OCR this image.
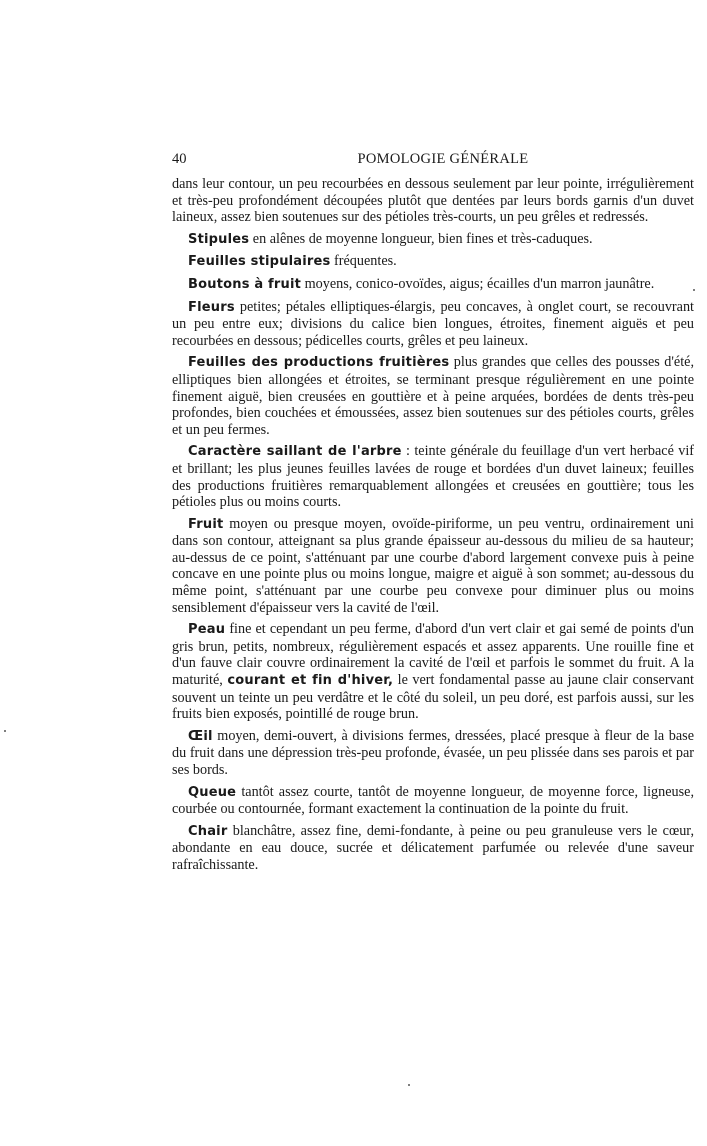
40	POMOLOGIE GÉNÉRALE

dans leur contour, un peu recourbées en dessous seulement par leur pointe, irrégulièrement et très-peu profondément découpées plutôt que dentées par leurs bords garnis d'un duvet laineux, assez bien soutenues sur des pétioles très-courts, un peu grêles et redressés.

Stipules en alênes de moyenne longueur, bien fines et très-caduques.

Feuilles stipulaires fréquentes.

Boutons à fruit moyens, conico-ovoïdes, aigus; écailles d'un marron jaunâtre.

Fleurs petites; pétales elliptiques-élargis, peu concaves, à onglet court, se recouvrant un peu entre eux; divisions du calice bien longues, étroites, finement aiguës et peu recourbées en dessous; pédicelles courts, grêles et peu laineux.

Feuilles des productions fruitières plus grandes que celles des pousses d'été, elliptiques bien allongées et étroites, se terminant presque régulièrement en une pointe finement aiguë, bien creusées en gouttière et à peine arquées, bordées de dents très-peu profondes, bien couchées et émoussées, assez bien soutenues sur des pétioles courts, grêles et un peu fermes.

Caractère saillant de l'arbre : teinte générale du feuillage d'un vert herbacé vif et brillant; les plus jeunes feuilles lavées de rouge et bordées d'un duvet laineux; feuilles des productions fruitières remarquablement allongées et creusées en gouttière; tous les pétioles plus ou moins courts.

Fruit moyen ou presque moyen, ovoïde-piriforme, un peu ventru, ordinairement uni dans son contour, atteignant sa plus grande épaisseur au-dessous du milieu de sa hauteur; au-dessus de ce point, s'atténuant par une courbe d'abord largement convexe puis à peine concave en une pointe plus ou moins longue, maigre et aiguë à son sommet; au-dessous du même point, s'atténuant par une courbe peu convexe pour diminuer plus ou moins sensiblement d'épaisseur vers la cavité de l'œil.

Peau fine et cependant un peu ferme, d'abord d'un vert clair et gai semé de points d'un gris brun, petits, nombreux, régulièrement espacés et assez apparents. Une rouille fine et d'un fauve clair couvre ordinairement la cavité de l'œil et parfois le sommet du fruit. A la maturité, courant et fin d'hiver, le vert fondamental passe au jaune clair conservant souvent un teinte un peu verdâtre et le côté du soleil, un peu doré, est parfois aussi, sur les fruits bien exposés, pointillé de rouge brun.

Œil moyen, demi-ouvert, à divisions fermes, dressées, placé presque à fleur de la base du fruit dans une dépression très-peu profonde, évasée, un peu plissée dans ses parois et par ses bords.

Queue tantôt assez courte, tantôt de moyenne longueur, de moyenne force, ligneuse, courbée ou contournée, formant exactement la continuation de la pointe du fruit.

Chair blanchâtre, assez fine, demi-fondante, à peine ou peu granuleuse vers le cœur, abondante en eau douce, sucrée et délicatement parfumée ou relevée d'une saveur rafraîchissante.
